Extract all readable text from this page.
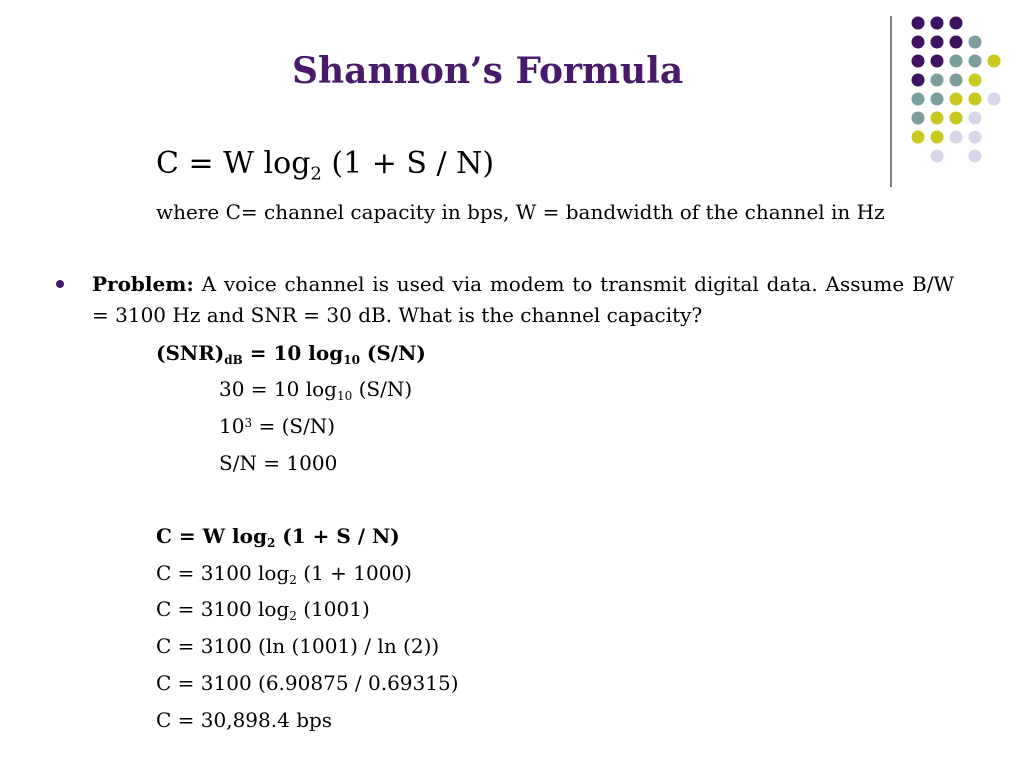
Shannon’s Formula

C = W $\log_2 (1 + S / N)$

where C= channel capacity in bps, W = bandwidth of the channel in Hz

Problem: A voice channel is used via modem to transmit digital data. Assume B/W = 3100 Hz and SNR = 30 dB. What is the channel capacity?

$(SNR)_{dB} = 10$ $\log_{10} (S/N)$

30 = 10 $\log_{10} (S/N)$

$10^3 = (S/N)$

S/N = 1000

C = W $\log_2 (1 + S / N)$

C = 3100 $\log_2 (1 + 1000)$

C = 3100 $\log_2 (1001)$

C = 3100 (ln (1001) / ln (2))

C = 3100 (6.90875 / 0.69315)

C = 30,898.4 bps
